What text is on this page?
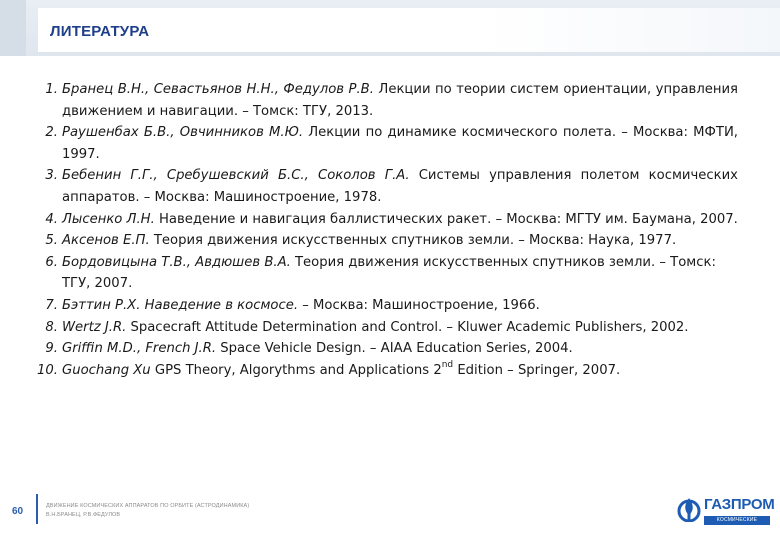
ЛИТЕРАТУРА
1. Бранец В.Н., Севастьянов Н.Н., Федулов Р.В. Лекции по теории систем ориентации, управления движением и навигации. – Томск: ТГУ, 2013.
2. Раушенбах Б.В., Овчинников М.Ю. Лекции по динамике космического полета. – Москва: МФТИ, 1997.
3. Бебенин Г.Г., Сребушевский Б.С., Соколов Г.А. Системы управления полетом космических аппаратов. – Москва: Машиностроение, 1978.
4. Лысенко Л.Н. Наведение и навигация баллистических ракет. – Москва: МГТУ им. Баумана, 2007.
5. Аксенов Е.П. Теория движения искусственных спутников земли. – Москва: Наука, 1977.
6. Бордовицына Т.В., Авдюшев В.А. Теория движения искусственных спутников земли. – Томск: ТГУ, 2007.
7. Бэттин Р.Х. Наведение в космосе. – Москва: Машиностроение, 1966.
8. Wertz J.R. Spacecraft Attitude Determination and Control. – Kluwer Academic Publishers, 2002.
9. Griffin M.D., French J.R. Space Vehicle Design. – AIAA Education Series, 2004.
10. Guochang Xu GPS Theory, Algorythms and Applications 2nd Edition – Springer, 2007.
60	ДВИЖЕНИЕ КОСМИЧЕСКИХ АППАРАТОВ ПО ОРБИТЕ (АСТРОДИНАМИКА)
В.Н.БРАНЕЦ, Р.В.ФЕДУЛОВ
ГАЗПРОМ
КОСМИЧЕСКИЕ СИСТЕМЫ
